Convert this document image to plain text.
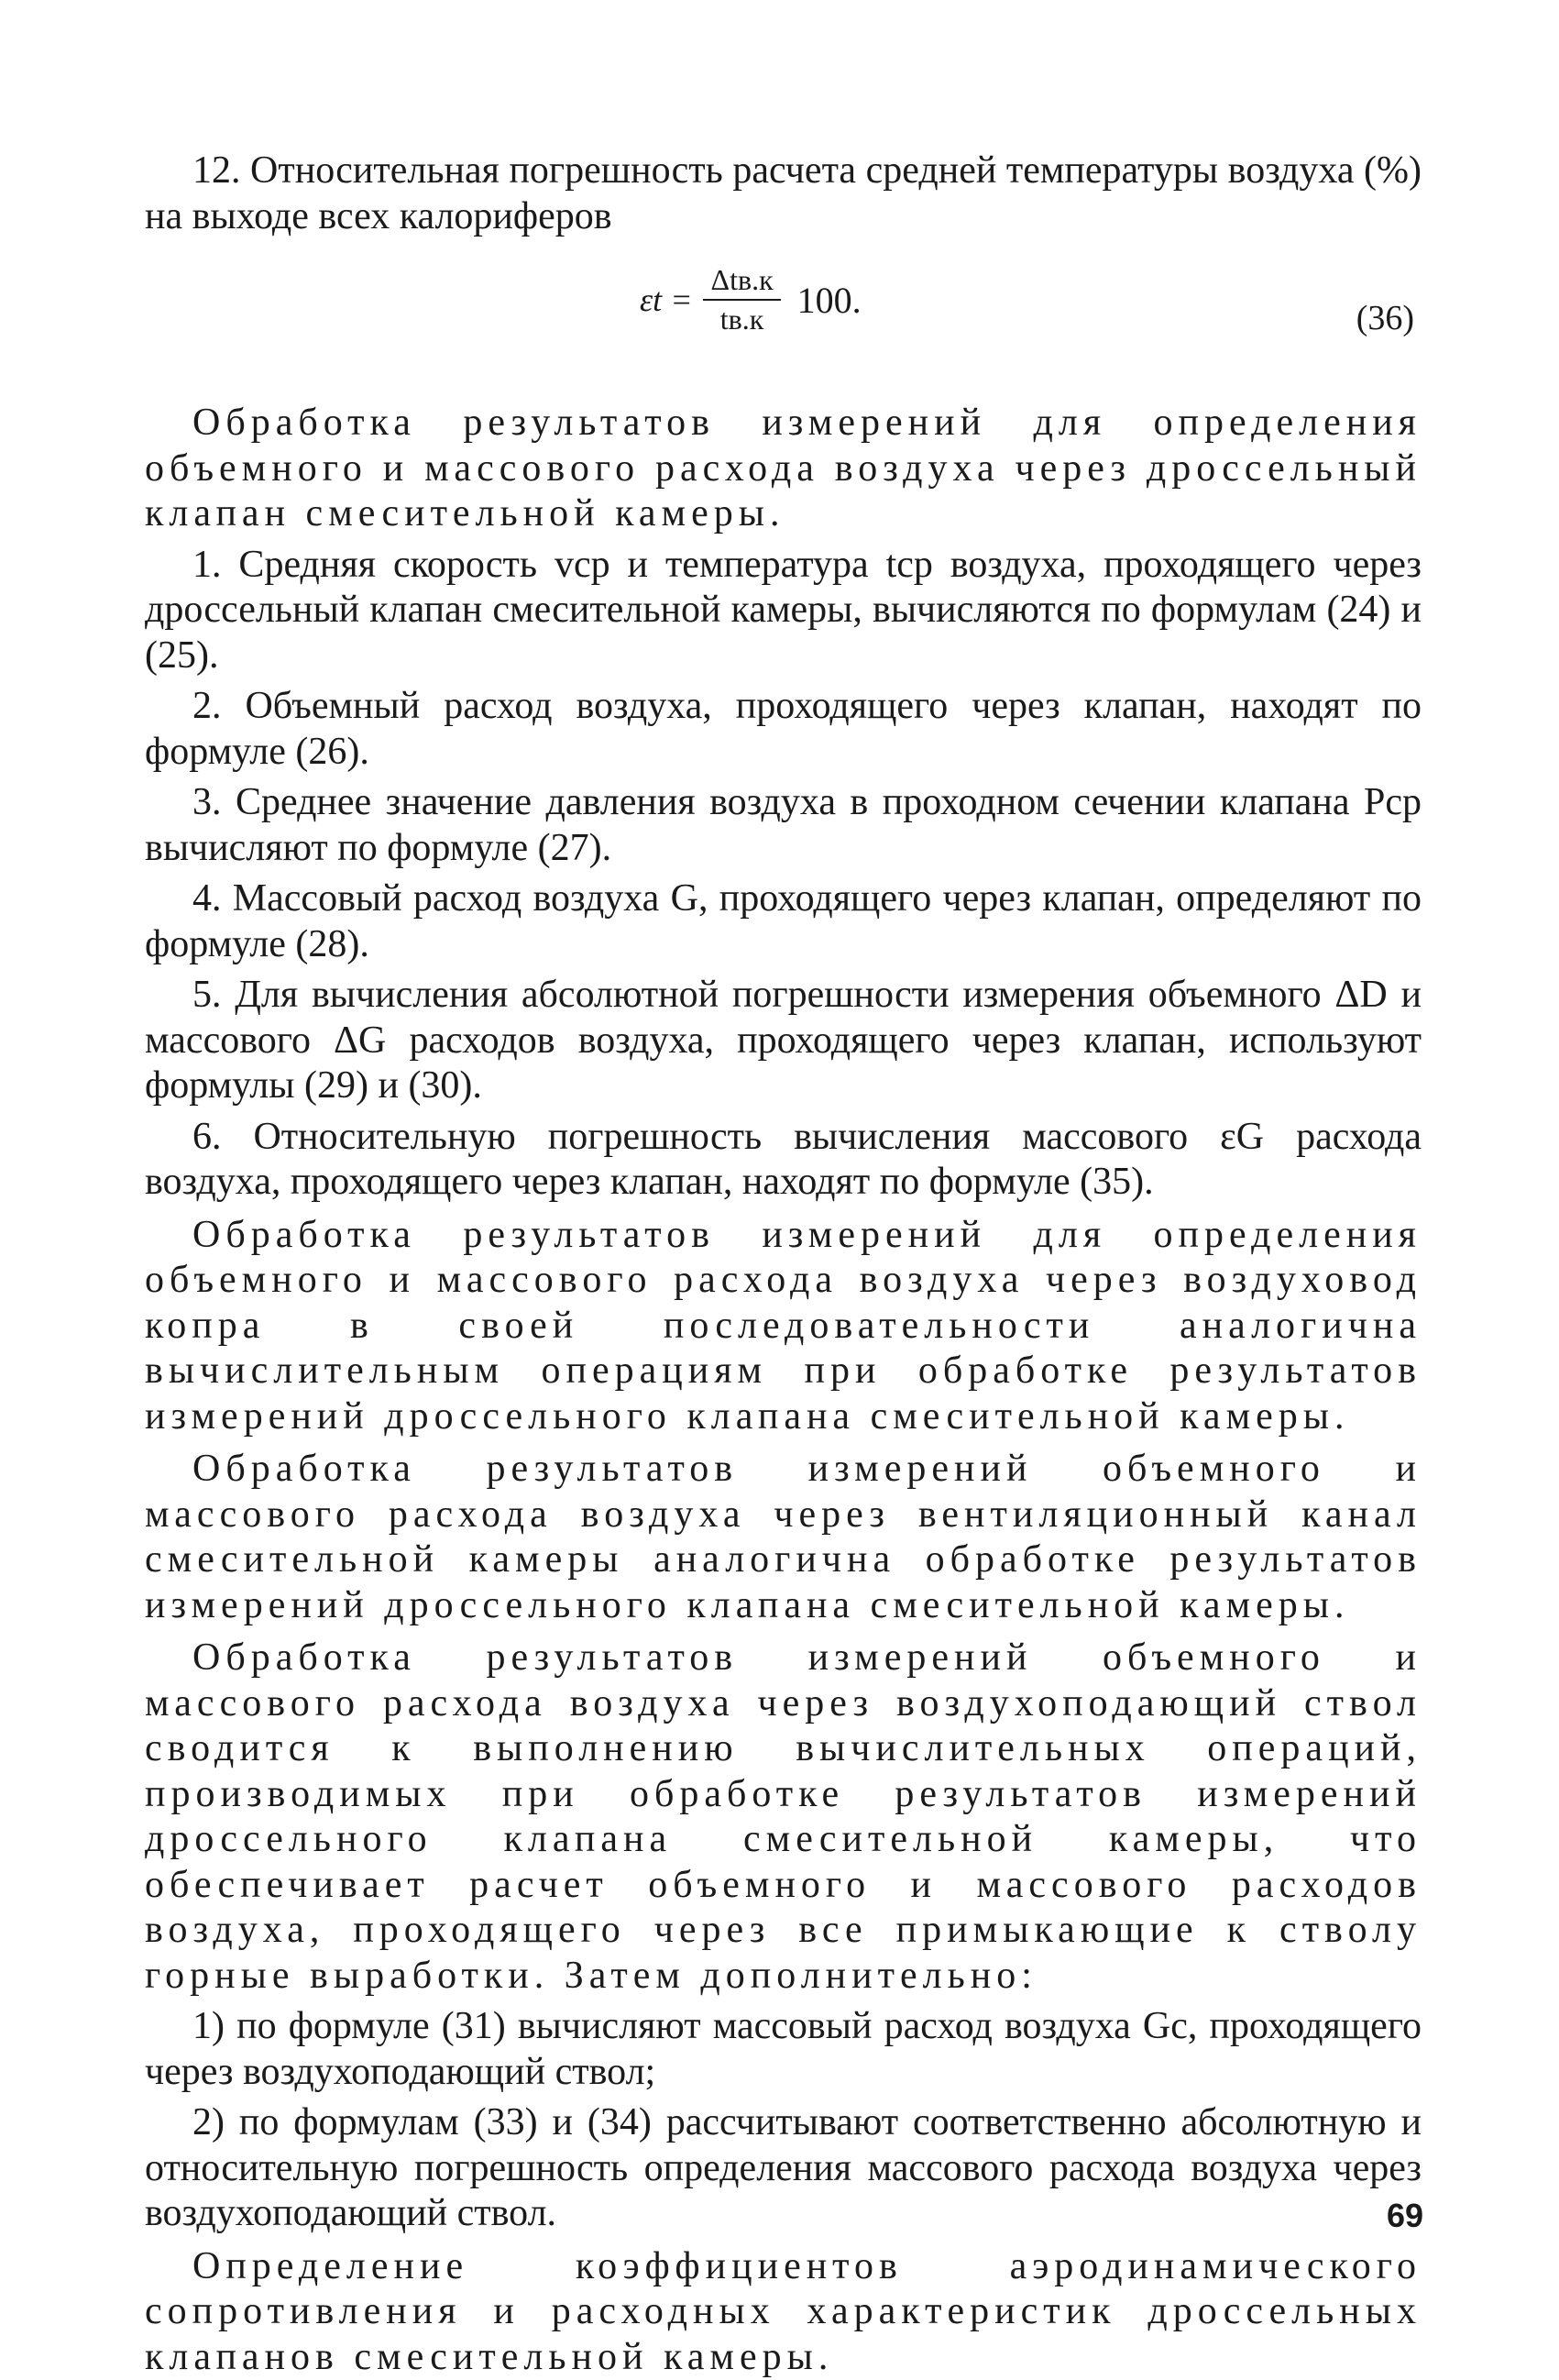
12. Относительная погрешность расчета средней температуры воздуха (%) на выходе всех калориферов

$\varepsilon t = \frac{\text{Δtв.к}}{tв.к} 100$.	(36)

Обработка результатов измерений для определения объемного и массового расхода воздуха через дроссельный клапан смесительной камеры.

1. Средняя скорость vср и температура tср воздуха, проходящего через дроссельный клапан смесительной камеры, вычисляются по формулам (24) и (25).

2. Объемный расход воздуха, проходящего через клапан, находят по формуле (26).

3. Среднее значение давления воздуха в проходном сечении клапана Рср вычисляют по формуле (27).

4. Массовый расход воздуха G, проходящего через клапан, определяют по формуле (28).

5. Для вычисления абсолютной погрешности измерения объемного ΔD и массового ΔG расходов воздуха, проходящего через клапан, используют формулы (29) и (30).

6. Относительную погрешность вычисления массового εG расхода воздуха, проходящего через клапан, находят по формуле (35).

Обработка результатов измерений для определения объемного и массового расхода воздуха через воздуховод копра в своей последовательности аналогична вычислительным операциям при обработке результатов измерений дроссельного клапана смесительной камеры.

Обработка результатов измерений объемного и массового расхода воздуха через вентиляционный канал смесительной камеры аналогична обработке результатов измерений дроссельного клапана смесительной камеры.

Обработка результатов измерений объемного и массового расхода воздуха через воздухоподающий ствол сводится к выполнению вычислительных операций, производимых при обработке результатов измерений дроссельного клапана смесительной камеры, что обеспечивает расчет объемного и массового расходов воздуха, проходящего через все примыкающие к стволу горные выработки. Затем дополнительно:

1) по формуле (31) вычисляют массовый расход воздуха Gс, проходящего через воздухоподающий ствол;

2) по формулам (33) и (34) рассчитывают соответственно абсолютную и относительную погрешность определения массового расхода воздуха через воздухоподающий ствол.

Определение коэффициентов аэродинамического сопротивления и расходных характеристик дроссельных клапанов смесительной камеры.

69
